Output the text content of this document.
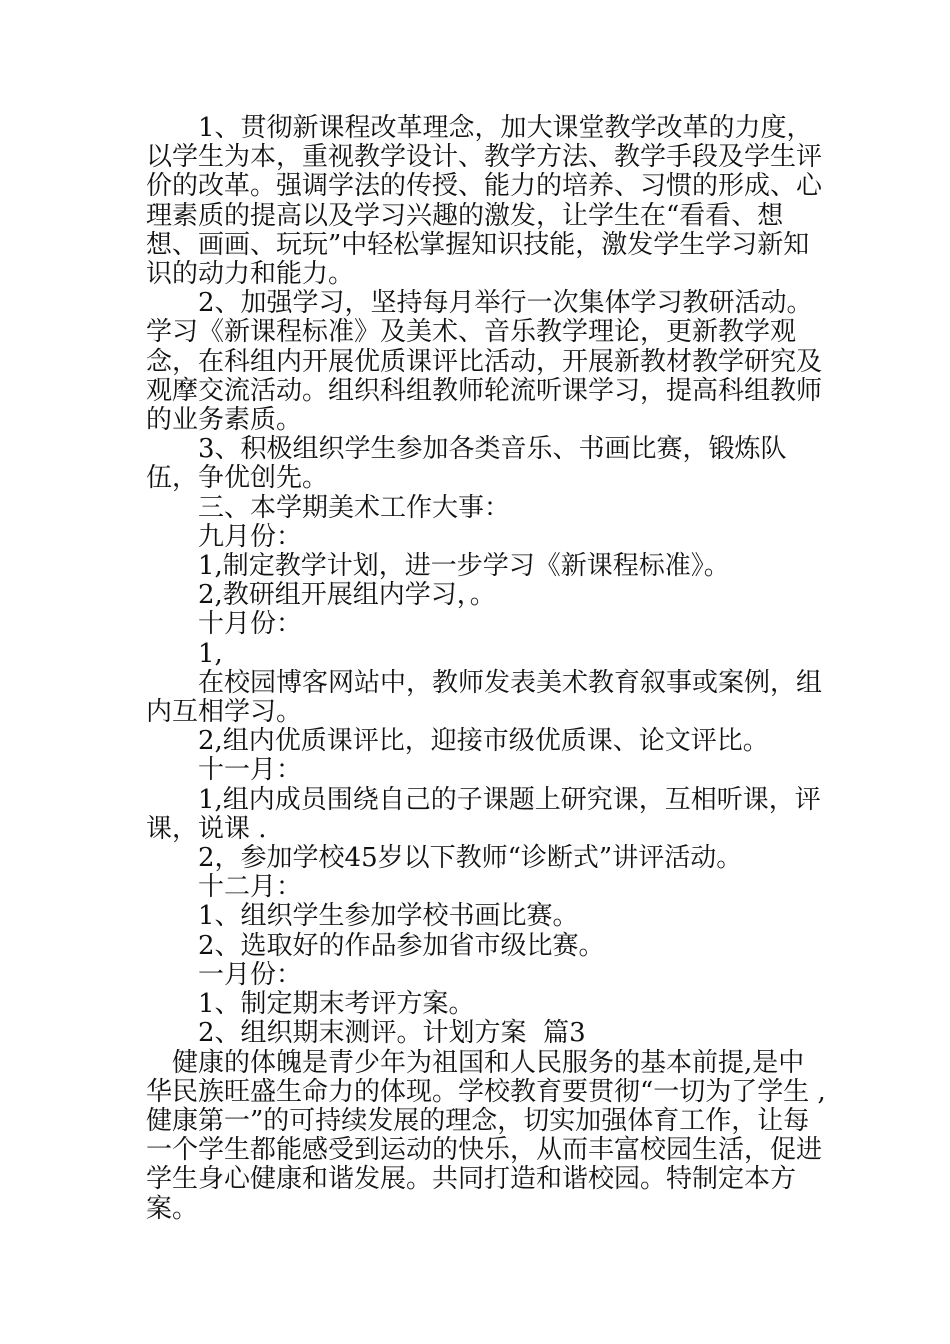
1、贯彻新课程改革理念，加大课堂教学改革的力度，以学生为本，重视教学设计、教学方法、教学手段及学生评价的改革。强调学法的传授、能力的培养、习惯的形成、心理素质的提高以及学习兴趣的激发，让学生在“看看、想想、画画、玩玩”中轻松掌握知识技能，激发学生学习新知识的动力和能力。

2、加强学习，坚持每月举行一次集体学习教研活动。学习《新课程标准》及美术、音乐教学理论，更新教学观念，在科组内开展优质课评比活动，开展新教材教学研究及观摩交流活动。组织科组教师轮流听课学习，提高科组教师的业务素质。

3、积极组织学生参加各类音乐、书画比赛，锻炼队伍，争优创先。

三、本学期美术工作大事：

九月份：

1,制定教学计划，进一步学习《新课程标准》。

2,教研组开展组内学习，。

十月份：

1,

在校园博客网站中，教师发表美术教育叙事或案例，组内互相学习。

2,组内优质课评比，迎接市级优质课、论文评比。

十一月：

1,组内成员围绕自己的子课题上研究课，互相听课，评课，说课 .

2，参加学校45岁以下教师“诊断式”讲评活动。

十二月：

1、组织学生参加学校书画比赛。

2、选取好的作品参加省市级比赛。

一月份：

1、制定期末考评方案。

2、组织期末测评。计划方案  篇3

健康的体魄是青少年为祖国和人民服务的基本前提,是中华民族旺盛生命力的体现。学校教育要贯彻“一切为了学生 ,健康第一”的可持续发展的理念，切实加强体育工作，让每一个学生都能感受到运动的快乐，从而丰富校园生活，促进学生身心健康和谐发展。共同打造和谐校园。特制定本方案。
